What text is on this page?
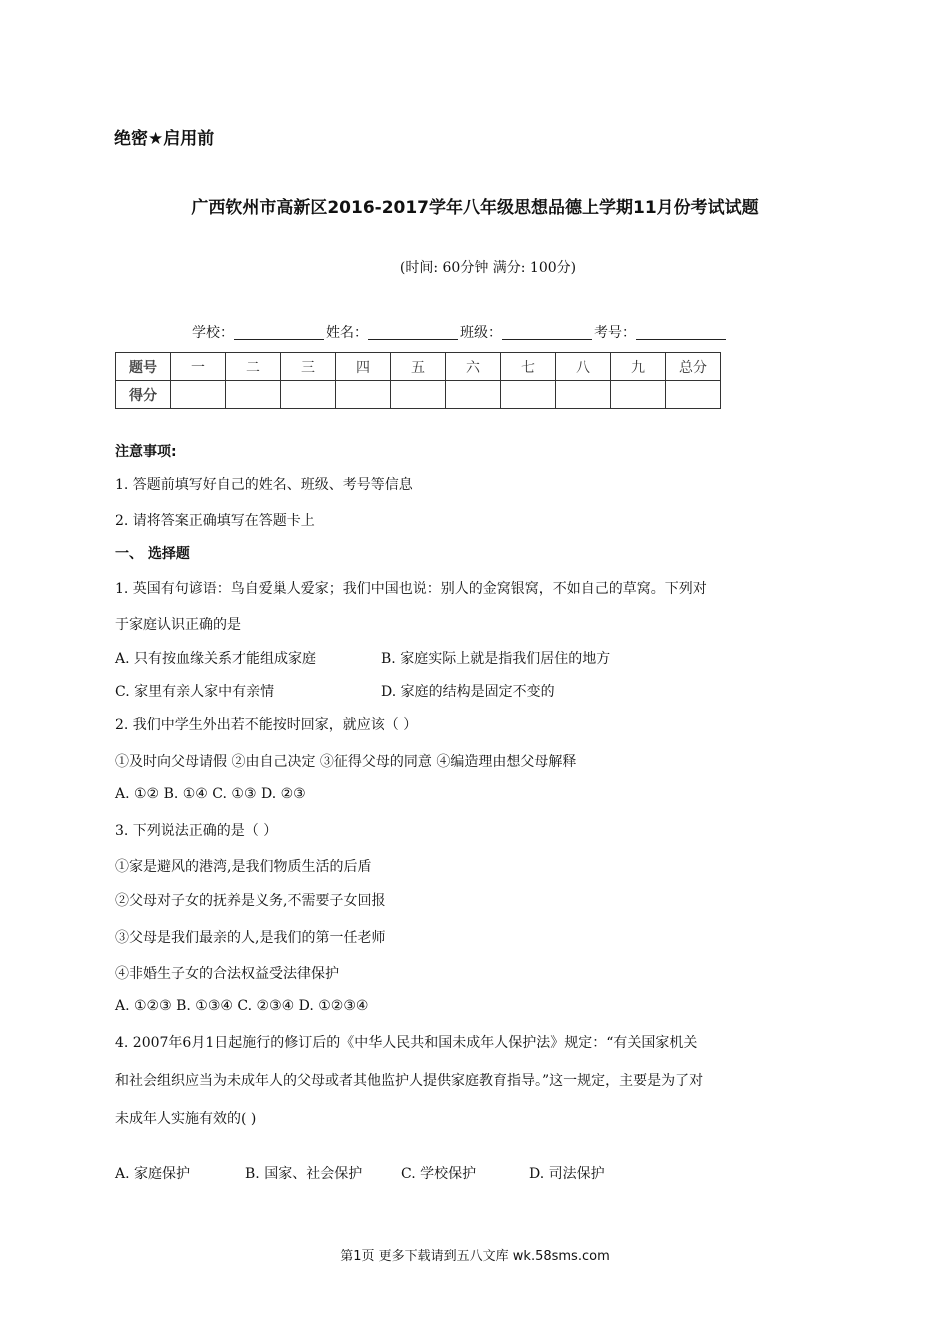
绝密★启用前
广西钦州市高新区2016-2017学年八年级思想品德上学期11月份考试试题
(时间: 60分钟 满分: 100分)
学校：	姓名：	班级：	考号：
题号	一	二	三	四	五	六	七	八	九	总分
得分										
注意事项:
1. 答题前填写好自己的姓名、班级、考号等信息
2. 请将答案正确填写在答题卡上
一、 选择题
1. 英国有句谚语：鸟自爱巢人爱家；我们中国也说：别人的金窝银窝，不如自己的草窝。下列对
于家庭认识正确的是
A. 只有按血缘关系才能组成家庭	B. 家庭实际上就是指我们居住的地方
C. 家里有亲人家中有亲情	D. 家庭的结构是固定不变的
2. 我们中学生外出若不能按时回家，就应该（ ）
①及时向父母请假 ②由自己决定 ③征得父母的同意 ④编造理由想父母解释
A. ①② B. ①④ C. ①③ D. ②③
3. 下列说法正确的是（ ）
①家是避风的港湾,是我们物质生活的后盾
②父母对子女的抚养是义务,不需要子女回报
③父母是我们最亲的人,是我们的第一任老师
④非婚生子女的合法权益受法律保护
A. ①②③ B. ①③④ C. ②③④ D. ①②③④
4. 2007年6月1日起施行的修订后的《中华人民共和国未成年人保护法》规定：“有关国家机关
和社会组织应当为未成年人的父母或者其他监护人提供家庭教育指导。”这一规定，主要是为了对
未成年人实施有效的( )
A. 家庭保护	B. 国家、社会保护	C. 学校保护	D. 司法保护
第1页 更多下载请到五八文库 wk.58sms.com
